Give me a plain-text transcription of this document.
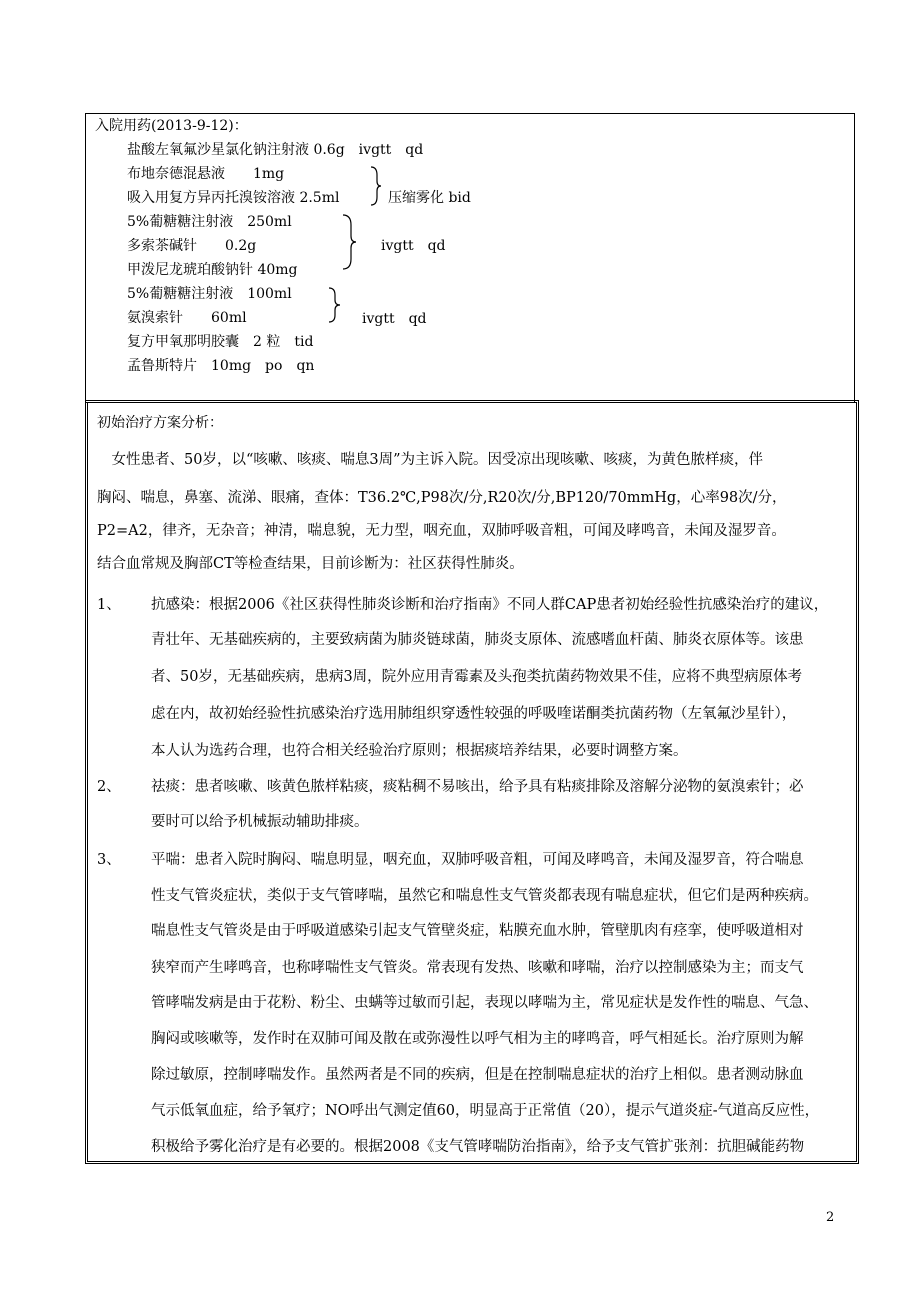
入院用药(2013-9-12)：
盐酸左氧氟沙星氯化钠注射液 0.6g　ivgtt　qd
布地奈德混悬液　　1mg
吸入用复方异丙托溴铵溶液 2.5ml
5%葡糖糖注射液　250ml
多索茶碱针　　0.2g
甲泼尼龙琥珀酸钠针 40mg
5%葡糖糖注射液　100ml
氨溴索针　　60ml
复方甲氧那明胶囊　2 粒　tid
孟鲁斯特片　10mg　po　qn
压缩雾化 bid
ivgtt　qd
ivgtt　qd
初始治疗方案分析：
　女性患者、50岁，以“咳嗽、咳痰、喘息3周”为主诉入院。因受凉出现咳嗽、咳痰，为黄色脓样痰，伴
胸闷、喘息，鼻塞、流涕、眼痛，查体：T36.2℃,P98次/分,R20次/分,BP120/70mmHg，心率98次/分，
P2=A2，律齐，无杂音；神清，喘息貌，无力型，咽充血，双肺呼吸音粗，可闻及哮鸣音，未闻及湿罗音。
结合血常规及胸部CT等检查结果，目前诊断为：社区获得性肺炎。
1、 抗感染：根据2006《社区获得性肺炎诊断和治疗指南》不同人群CAP患者初始经验性抗感染治疗的建议，
青壮年、无基础疾病的，主要致病菌为肺炎链球菌，肺炎支原体、流感嗜血杆菌、肺炎衣原体等。该患
者、50岁，无基础疾病，患病3周，院外应用青霉素及头孢类抗菌药物效果不佳，应将不典型病原体考
虑在内，故初始经验性抗感染治疗选用肺组织穿透性较强的呼吸喹诺酮类抗菌药物（左氧氟沙星针），
本人认为选药合理，也符合相关经验治疗原则；根据痰培养结果，必要时调整方案。
2、 祛痰：患者咳嗽、咳黄色脓样粘痰，痰粘稠不易咳出，给予具有粘痰排除及溶解分泌物的氨溴索针；必
要时可以给予机械振动辅助排痰。
3、 平喘：患者入院时胸闷、喘息明显，咽充血，双肺呼吸音粗，可闻及哮鸣音，未闻及湿罗音，符合喘息
性支气管炎症状，类似于支气管哮喘，虽然它和喘息性支气管炎都表现有喘息症状，但它们是两种疾病。
喘息性支气管炎是由于呼吸道感染引起支气管壁炎症，粘膜充血水肿，管壁肌肉有痉挛，使呼吸道相对
狭窄而产生哮鸣音，也称哮喘性支气管炎。常表现有发热、咳嗽和哮喘，治疗以控制感染为主；而支气
管哮喘发病是由于花粉、粉尘、虫螨等过敏而引起，表现以哮喘为主，常见症状是发作性的喘息、气急、
胸闷或咳嗽等，发作时在双肺可闻及散在或弥漫性以呼气相为主的哮鸣音，呼气相延长。治疗原则为解
除过敏原，控制哮喘发作。虽然两者是不同的疾病，但是在控制喘息症状的治疗上相似。患者测动脉血
气示低氧血症，给予氧疗；NO呼出气测定值60，明显高于正常值（20），提示气道炎症-气道高反应性，
积极给予雾化治疗是有必要的。根据2008《支气管哮喘防治指南》，给予支气管扩张剂：抗胆碱能药物
2
